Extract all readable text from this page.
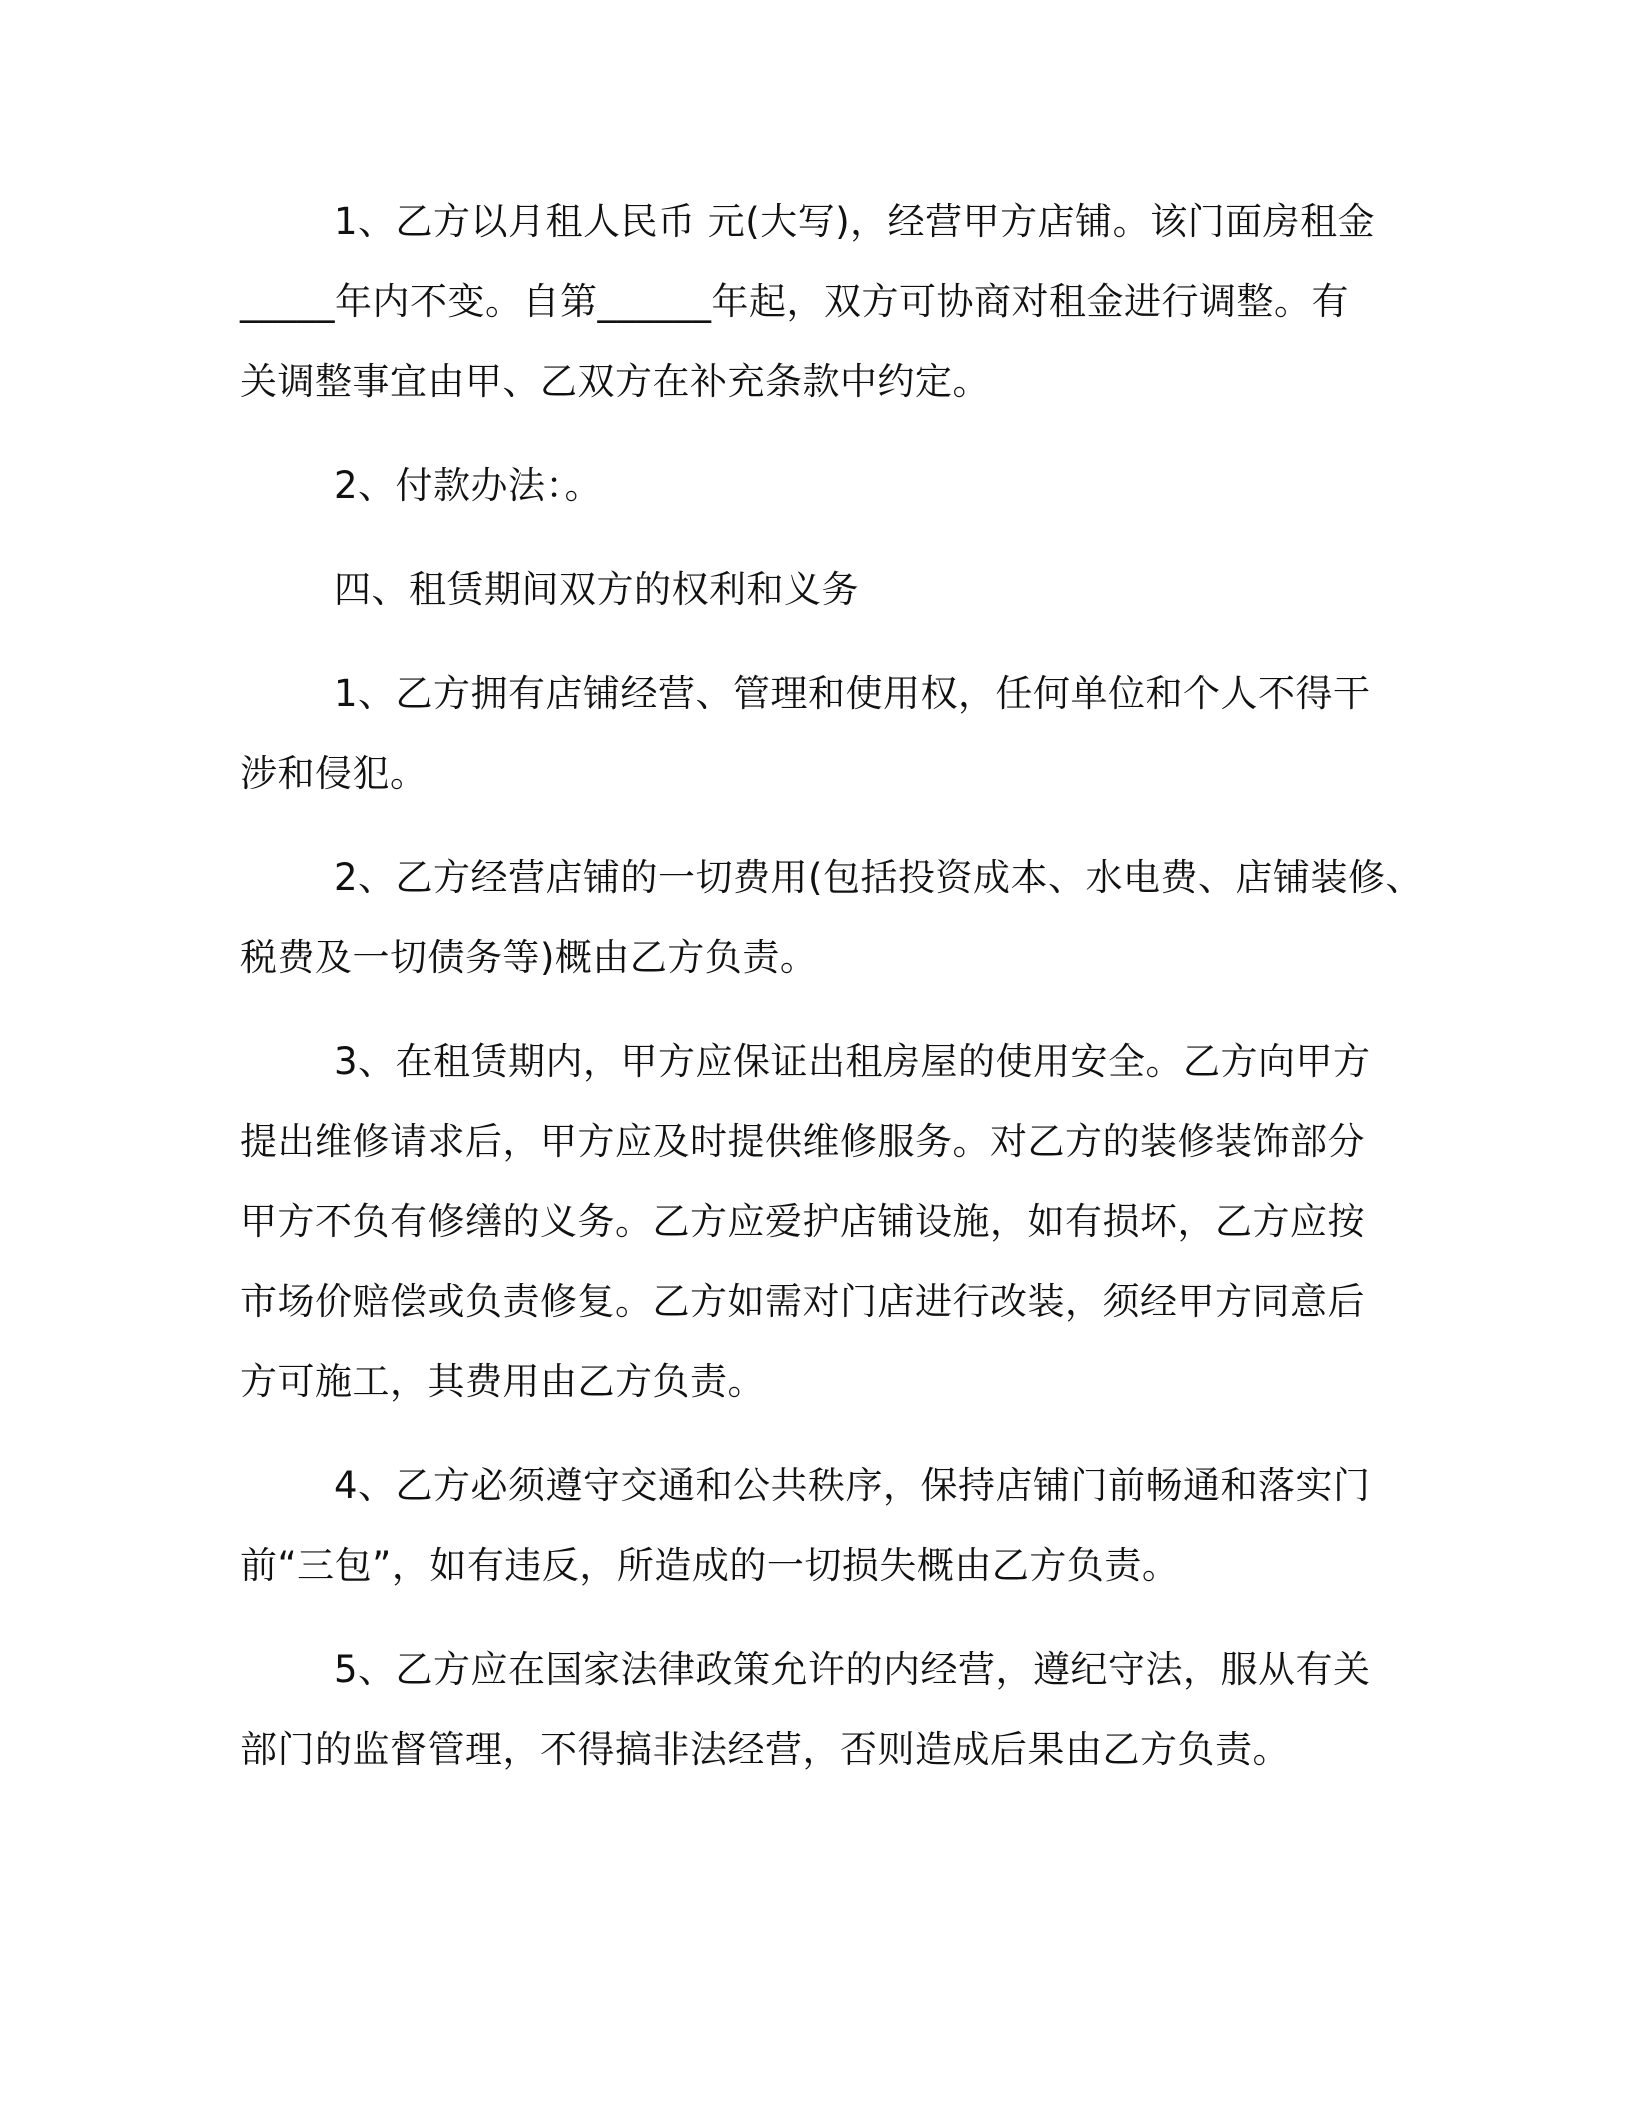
1、乙方以月租人民币 元(大写)，经营甲方店铺。该门面房租金
_____年内不变。自第______年起，双方可协商对租金进行调整。有
关调整事宜由甲、乙双方在补充条款中约定。
2、付款办法：。
四、租赁期间双方的权利和义务
1、乙方拥有店铺经营、管理和使用权，任何单位和个人不得干
涉和侵犯。
2、乙方经营店铺的一切费用(包括投资成本、水电费、店铺装修、
税费及一切债务等)概由乙方负责。
3、在租赁期内，甲方应保证出租房屋的使用安全。乙方向甲方
提出维修请求后，甲方应及时提供维修服务。对乙方的装修装饰部分
甲方不负有修缮的义务。乙方应爱护店铺设施，如有损坏，乙方应按
市场价赔偿或负责修复。乙方如需对门店进行改装，须经甲方同意后
方可施工，其费用由乙方负责。
4、乙方必须遵守交通和公共秩序，保持店铺门前畅通和落实门
前“三包”，如有违反，所造成的一切损失概由乙方负责。
5、乙方应在国家法律政策允许的内经营，遵纪守法，服从有关
部门的监督管理，不得搞非法经营，否则造成后果由乙方负责。
